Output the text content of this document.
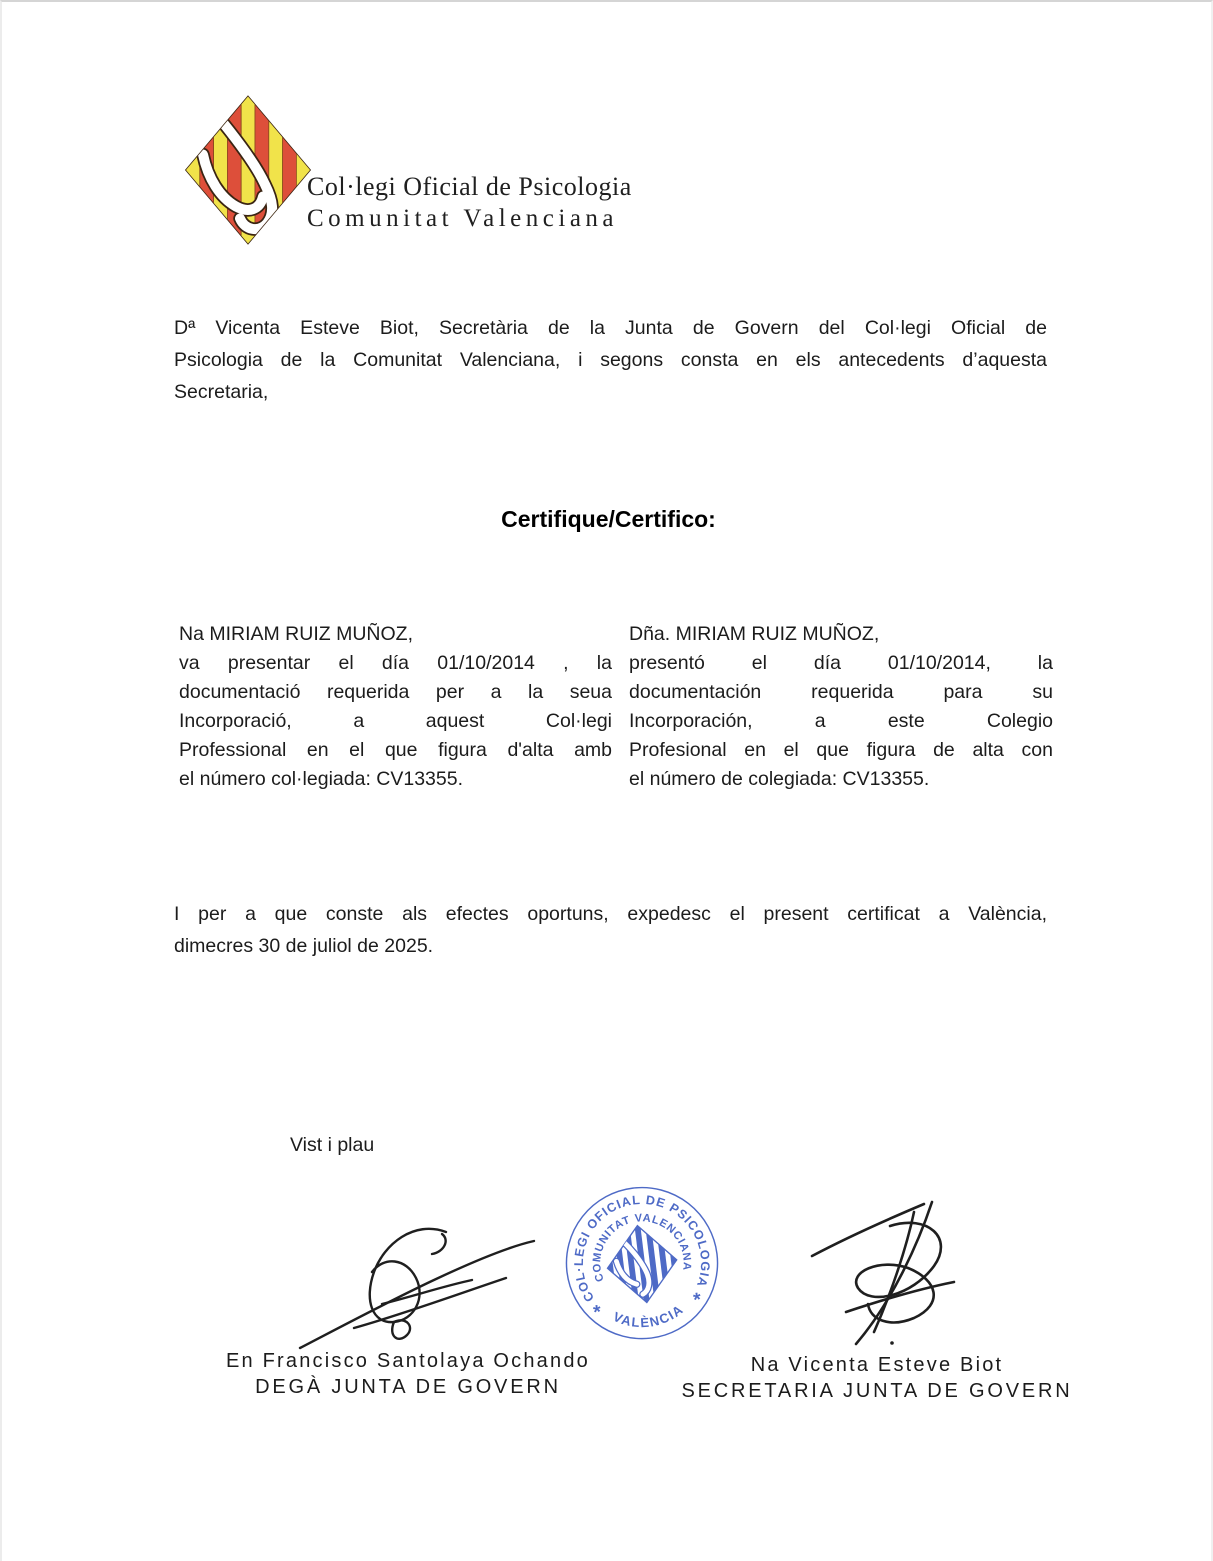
Col·legi Oficial de Psicologia
Comunitat Valenciana
Dª Vicenta Esteve Biot, Secretària de la Junta de Govern del Col·legi Oficial de
Psicologia de la Comunitat Valenciana, i segons consta en els antecedents d’aquesta
Secretaria,
Certifique/Certifico:
Na MIRIAM RUIZ MUÑOZ,
va presentar el día 01/10/2014 , la
documentació requerida per a la seua
Incorporació, a aquest Col·legi
Professional en el que figura d'alta amb
el número col·legiada: CV13355.
Dña. MIRIAM RUIZ MUÑOZ,
presentó el día 01/10/2014, la
documentación requerida para su
Incorporación, a este Colegio
Profesional en el que figura de alta con
el número de colegiada: CV13355.
I per a que conste als efectes oportuns, expedesc el present certificat a València,
dimecres 30 de juliol de 2025.
Vist i plau
COL·LEGI OFICIAL DE PSICOLOGIA
COMUNITAT VALENCIANA
VALÈNCIA
*
*
En Francisco Santolaya Ochando
DEGÀ JUNTA DE GOVERN
Na Vicenta Esteve Biot
SECRETARIA JUNTA DE GOVERN
